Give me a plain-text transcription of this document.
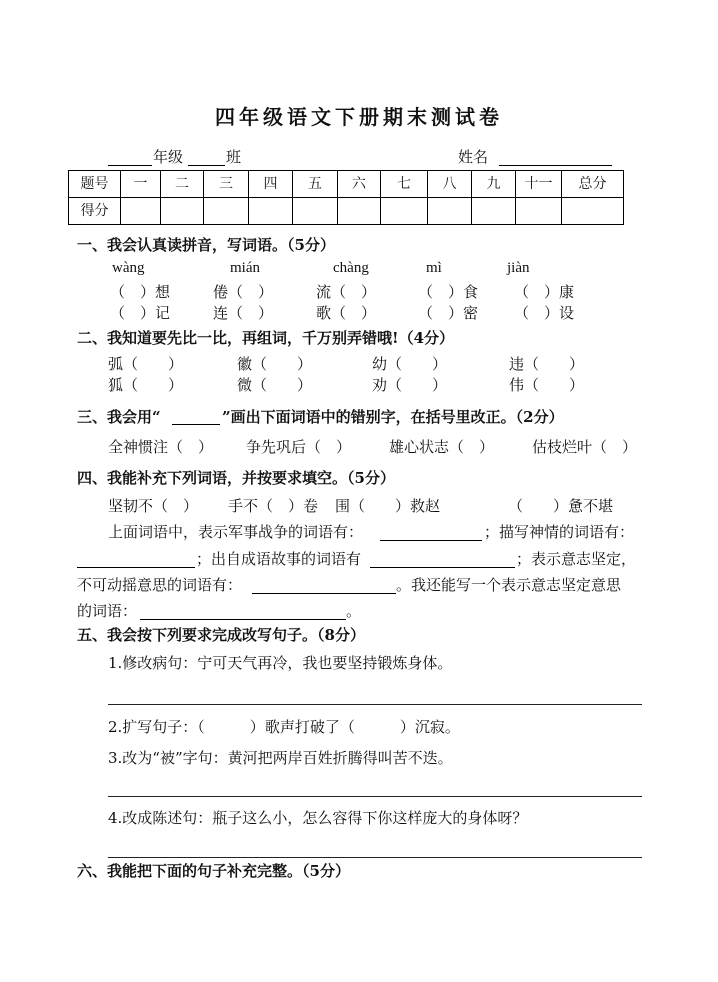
四年级语文下册期末测试卷
年级	班	姓名
题号	一	二	三	四	五	六	七	八	九	十一	总分
得分											
一、我会认真读拼音，写词语。（5分）
wàng	mián	chàng	mì	jiàn
（　）想	倦（　）	流（　）	（　）食 （　）康
（　）记	连（　）	歌（　）	（　）密 （　）设
二、我知道要先比一比，再组词，千万别弄错哦!（4分）
弧（　　）	徽（　　）	幼（　　）	违（　　）
狐（　　）	微（　　）	劝（　　）	伟（　　）
三、我会用“	”画出下面词语中的错别字，在括号里改正。（2分）
全神惯注（　） 争先巩后（　）	雄心状志（　）	估枝烂叶（　）
四、我能补充下列词语，并按要求填空。（5分）
坚韧不（　） 手不（　）卷 围（　　）救赵	（　　）惫不堪
上面词语中，表示军事战争的词语有：	；描写神情的词语有：
；出自成语故事的词语有	；表示意志坚定，
不可动摇意思的词语有：	。我还能写一个表示意志坚定意思
的词语：	。
五、我会按下列要求完成改写句子。（8分）
1.修改病句：宁可天气再冷，我也要坚持锻炼身体。
2.扩写句子：（　　　）歌声打破了（　　　）沉寂。
3.改为“被”字句：黄河把两岸百姓折腾得叫苦不迭。
4.改成陈述句：瓶子这么小，怎么容得下你这样庞大的身体呀？
六、我能把下面的句子补充完整。（5分）
